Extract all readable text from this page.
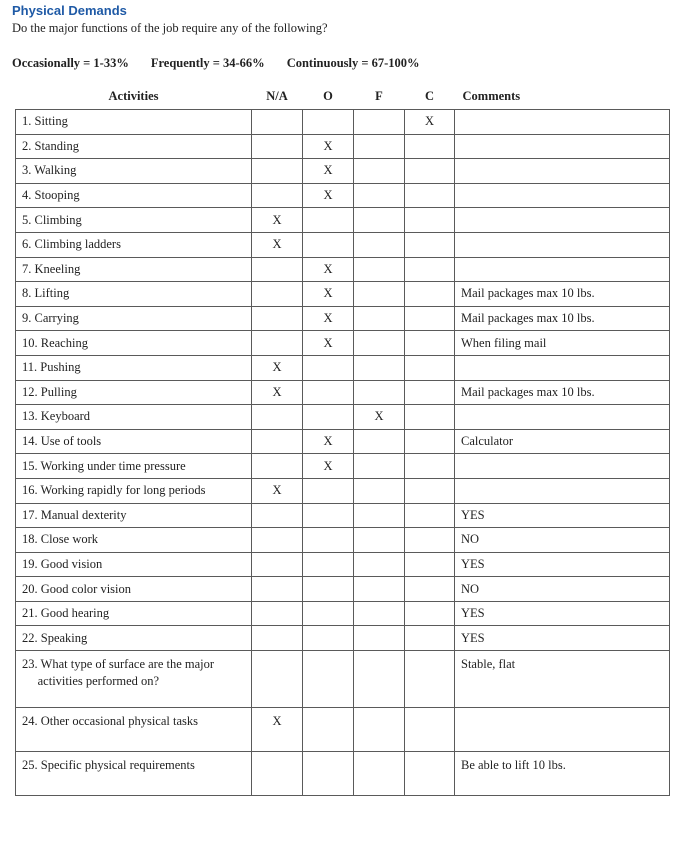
Physical Demands
Do the major functions of the job require any of the following?
Occasionally = 1-33% Frequently = 34-66% Continuously = 67-100%
Activities	N/A	O	F	C	Comments

1. Sitting				X	

2. Standing		X			

3. Walking		X			

4. Stooping		X			

5. Climbing	X				

6. Climbing ladders	X				

7. Kneeling		X			

8. Lifting		X			Mail packages max 10 lbs.

9. Carrying		X			Mail packages max 10 lbs.

10. Reaching		X			When filing mail

11. Pushing	X				

12. Pulling	X				Mail packages max 10 lbs.

13. Keyboard			X		

14. Use of tools		X			Calculator

15. Working under time pressure		X			

16. Working rapidly for long periods	X				

17. Manual dexterity					YES

18. Close work					NO

19. Good vision					YES

20. Good color vision					NO

21. Good hearing					YES

22. Speaking					YES

23. What type of surface are the major
activities performed on?					Stable, flat

24. Other occasional physical tasks	X				

25. Specific physical requirements					Be able to lift 10 lbs.
